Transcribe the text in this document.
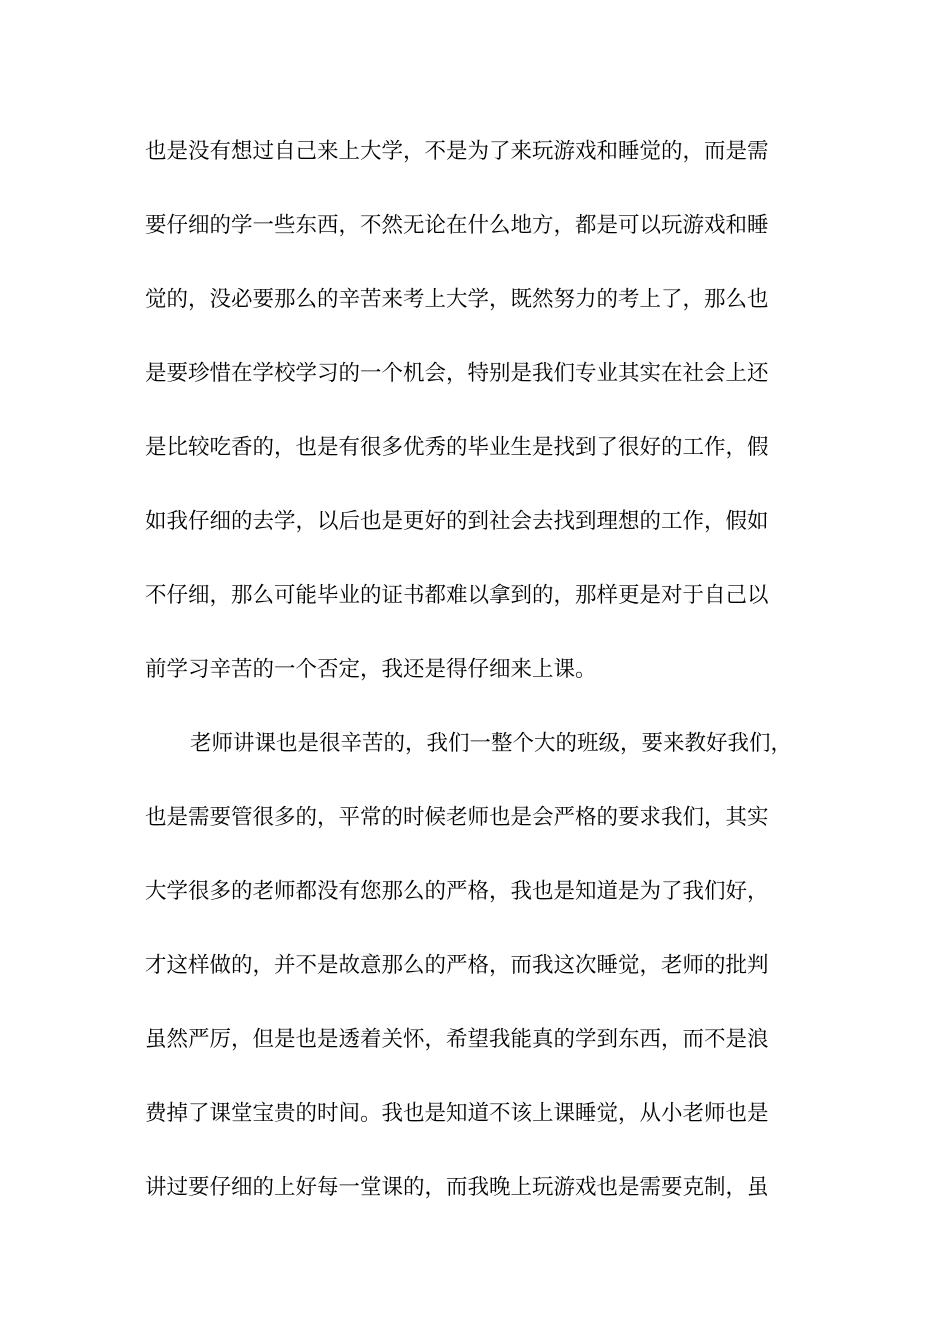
也是没有想过自己来上大学，不是为了来玩游戏和睡觉的，而是需
要仔细的学一些东西，不然无论在什么地方，都是可以玩游戏和睡
觉的，没必要那么的辛苦来考上大学，既然努力的考上了，那么也
是要珍惜在学校学习的一个机会，特别是我们专业其实在社会上还
是比较吃香的，也是有很多优秀的毕业生是找到了很好的工作，假
如我仔细的去学，以后也是更好的到社会去找到理想的工作，假如
不仔细，那么可能毕业的证书都难以拿到的，那样更是对于自己以
前学习辛苦的一个否定，我还是得仔细来上课。
老师讲课也是很辛苦的，我们一整个大的班级，要来教好我们，
也是需要管很多的，平常的时候老师也是会严格的要求我们，其实
大学很多的老师都没有您那么的严格，我也是知道是为了我们好，
才这样做的，并不是故意那么的严格，而我这次睡觉，老师的批判
虽然严厉，但是也是透着关怀，希望我能真的学到东西，而不是浪
费掉了课堂宝贵的时间。我也是知道不该上课睡觉，从小老师也是
讲过要仔细的上好每一堂课的，而我晚上玩游戏也是需要克制，虽
